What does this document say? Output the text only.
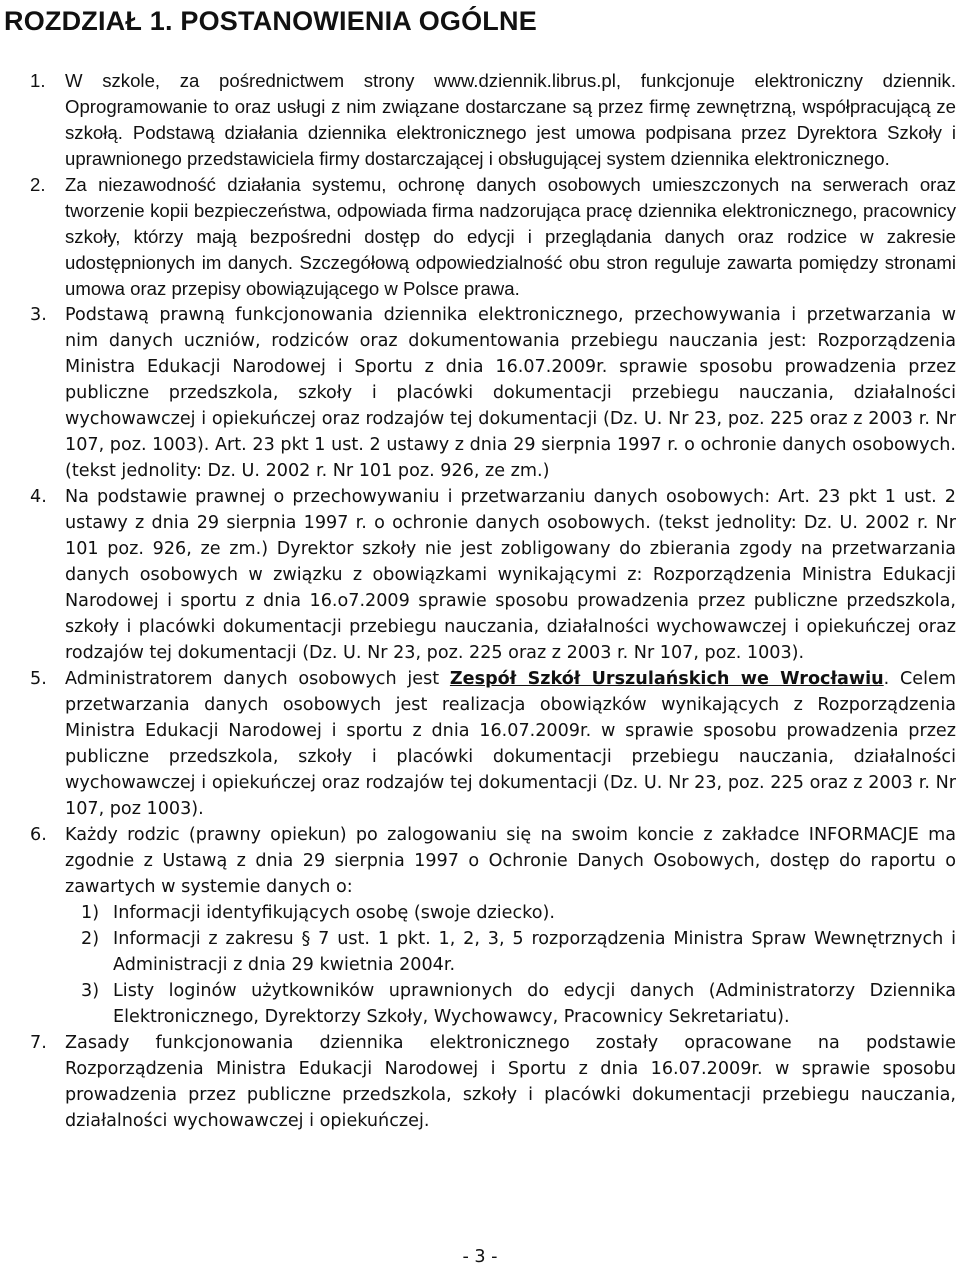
ROZDZIAŁ 1. POSTANOWIENIA OGÓLNE
1. W szkole, za pośrednictwem strony www.dziennik.librus.pl, funkcjonuje elektroniczny dziennik. Oprogramowanie to oraz usługi z nim związane dostarczane są przez firmę zewnętrzną, współpracującą ze szkołą. Podstawą działania dziennika elektronicznego jest umowa podpisana przez Dyrektora Szkoły i uprawnionego przedstawiciela firmy dostarczającej i obsługującej system dziennika elektronicznego.

2. Za niezawodność działania systemu, ochronę danych osobowych umieszczonych na serwerach oraz tworzenie kopii bezpieczeństwa, odpowiada firma nadzorująca pracę dziennika elektronicznego, pracownicy szkoły, którzy mają bezpośredni dostęp do edycji i przeglądania danych oraz rodzice w zakresie udostępnionych im danych. Szczegółową odpowiedzialność obu stron reguluje zawarta pomiędzy stronami umowa oraz przepisy obowiązującego w Polsce prawa.

3. Podstawą prawną funkcjonowania dziennika elektronicznego, przechowywania i przetwarzania w nim danych uczniów, rodziców oraz dokumentowania przebiegu nauczania jest: Rozporządzenia Ministra Edukacji Narodowej i Sportu z dnia 16.07.2009r. sprawie sposobu prowadzenia przez publiczne przedszkola, szkoły i placówki dokumentacji przebiegu nauczania, działalności wychowawczej i opiekuńczej oraz rodzajów tej dokumentacji (Dz. U. Nr 23, poz. 225 oraz z 2003 r. Nr 107, poz. 1003). Art. 23 pkt 1 ust. 2 ustawy z dnia 29 sierpnia 1997 r. o ochronie danych osobowych. (tekst jednolity: Dz. U. 2002 r. Nr 101 poz. 926, ze zm.)

4. Na podstawie prawnej o przechowywaniu i przetwarzaniu danych osobowych: Art. 23 pkt 1 ust. 2 ustawy z dnia 29 sierpnia 1997 r. o ochronie danych osobowych. (tekst jednolity: Dz. U. 2002 r. Nr 101 poz. 926, ze zm.) Dyrektor szkoły nie jest zobligowany do zbierania zgody na przetwarzania danych osobowych w związku z obowiązkami wynikającymi z: Rozporządzenia Ministra Edukacji Narodowej i sportu z dnia 16.o7.2009 sprawie sposobu prowadzenia przez publiczne przedszkola, szkoły i placówki dokumentacji przebiegu nauczania, działalności wychowawczej i opiekuńczej oraz rodzajów tej dokumentacji (Dz. U. Nr 23, poz. 225 oraz z 2003 r. Nr 107, poz. 1003).

5. Administratorem danych osobowych jest Zespół Szkół Urszulańskich we Wrocławiu. Celem przetwarzania danych osobowych jest realizacja obowiązków wynikających z Rozporządzenia Ministra Edukacji Narodowej i sportu z dnia 16.07.2009r. w sprawie sposobu prowadzenia przez publiczne przedszkola, szkoły i placówki dokumentacji przebiegu nauczania, działalności wychowawczej i opiekuńczej oraz rodzajów tej dokumentacji (Dz. U. Nr 23, poz. 225 oraz z 2003 r. Nr 107, poz 1003).

6. Każdy rodzic (prawny opiekun) po zalogowaniu się na swoim koncie z zakładce INFORMACJE ma zgodnie z Ustawą z dnia 29 sierpnia 1997 o Ochronie Danych Osobowych, dostęp do raportu o zawartych w systemie danych o:

1) Informacji identyfikujących osobę (swoje dziecko).

2) Informacji z zakresu § 7 ust. 1 pkt. 1, 2, 3, 5 rozporządzenia Ministra Spraw Wewnętrznych i Administracji z dnia 29 kwietnia 2004r.

3) Listy loginów użytkowników uprawnionych do edycji danych (Administratorzy Dziennika Elektronicznego, Dyrektorzy Szkoły, Wychowawcy, Pracownicy Sekretariatu).

7. Zasady funkcjonowania dziennika elektronicznego zostały opracowane na podstawie Rozporządzenia Ministra Edukacji Narodowej i Sportu z dnia 16.07.2009r. w sprawie sposobu prowadzenia przez publiczne przedszkola, szkoły i placówki dokumentacji przebiegu nauczania, działalności wychowawczej i opiekuńczej.

- 3 -
